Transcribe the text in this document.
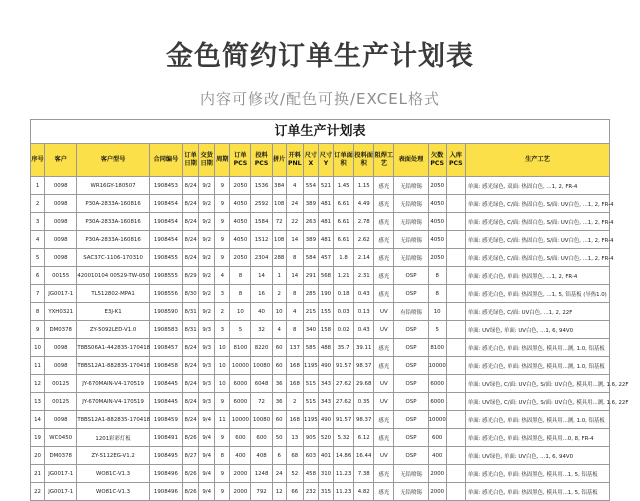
金色简约订单生产计划表
内容可修改/配色可换/EXCEL格式
订单生产计划表
序号	客户	客户型号	合同编号	订单日期	交货日期	周期	订单PCS	投料PCS	拼片	开料PNL	尺寸X	尺寸Y	订单面积	投料面积	阻焊工艺	表面处理	欠数PCS	入库PCS	生产工艺
1	0098	WR16GY-180507	1908453	8/24	9/2	9	2050	1536	384	4	554	521	1.45	1.15	感光	无铅喷锡	2050		单面: 感光绿色, 双面: 热固白色, ...1, 2, FR-4
2	0098	P30A-2833A-160816	1908454	8/24	9/2	9	4050	2592	108	24	389	481	6.61	4.49	感光	无铅喷锡	4050		单面: 感光绿色, C/面: 热固白色, S/面: UV白色, ...1, 2, FR-4
3	0098	P30A-2833A-160816	1908454	8/24	9/2	9	4050	1584	72	22	263	481	6.61	2.78	感光	无铅喷锡	4050		单面: 感光绿色, C/面: 热固白色, S/面: UV白色, ...1, 2, FR-4
4	0098	P30A-2833A-160816	1908454	8/24	9/2	9	4050	1512	108	14	389	481	6.61	2.62	感光	无铅喷锡	4050		单面: 感光绿色, C/面: 热固白色, S/面: UV白色, ...1, 2, FR-4
5	0098	SAC37C-1106-170310	1908455	8/24	9/2	9	2050	2304	288	8	584	457	1.8	2.14	感光	无铅喷锡	2050		单面: 感光绿色, C/面: 热固白色, S/面: UV白色, ...1, 2, FR-4
6	00155	420010104 00529-TW-050	1908555	8/29	9/2	4	8	14	1	14	291	568	1.21	2.31	感光	OSP	8		单面: 感光白色, 单面: 热固黑色, ...1, 2, FR-4
7	JG0017-1	TL512802-MPA1	1908556	8/30	9/2	3	8	16	2	8	285	190	0.18	0.43	感光	OSP	8		单面: 感光白色, 单面: 热固黑色, ...1, 5, 铝基板 (导热1.0)
8	YXH0321	E3J-K1	1908590	8/31	9/2	2	10	40	10	4	215	155	0.03	0.13	UV	有铅喷锡	10		单面: 感光绿色, C/面: UV白色, ...1, 2, 22F
9	DM0378	ZY-5092LED-V1.0	1908583	8/31	9/3	3	5	32	4	8	340	158	0.02	0.43	UV	OSP	5		单面: UV绿色, 单面: UV白色, ...1, 6, 94V0
10	0098	T8BS06A1-442835-170418	1908457	8/24	9/3	10	8100	8220	60	137	585	488	35.7	39.11	感光	OSP	8100		单面: 感光白色, 单面: 热固黑色, 模具用...测, 1.0, 铝基板
11	0098	T8BS12A1-882835-170418	1908458	8/24	9/3	10	10000	10080	60	168	1195	490	91.57	98.37	感光	OSP	10000		单面: 感光白色, 单面: 热固黑色, 模具用...测, 1.0, 铝基板
12	00125	JY-670MAIN-V4-170519	1908445	8/24	9/3	10	6000	6048	36	168	515	343	27.62	29.68	UV	OSP	6000		单面: UV绿色, C/面: UV白色, S/面: UV白色, 模具用...测, 1.6, 22F
13	00125	JY-670MAIN-V4-170519	1908445	8/24	9/3	9	6000	72	36	2	515	343	27.62	0.35	UV	OSP	6000		单面: UV绿色, C/面: UV白色, S/面: UV白色, 模具用...测, 1.6, 22F
14	0098	T8BS12A1-882835-170418	1908459	8/24	9/4	11	10000	10080	60	168	1195	490	91.57	98.37	感光	OSP	10000		单面: 感光白色, 单面: 热固黑色, 模具用...测, 1.0, 铝基板
19	WC0450	1201彩彩灯板	1908491	8/26	9/4	9	600	600	50	13	905	520	5.32	6.12	感光	OSP	600		单面: 感光白色, 单面: 热固黑色, 模具用...0, 8, FR-4
20	DM0378	ZY-5112EG-V1.2	1908495	8/27	9/4	8	400	408	6	68	603	401	14.86	16.44	UV	OSP	400		单面: UV绿色, 单面: UV白色, ...1, 6, 94V0
21	JG0017-1	WO81C-V1.3	1908496	8/26	9/4	9	2000	1248	24	52	458	310	11.23	7.38	感光	无铅喷锡	2000		单面: 感光白色, 单面: 热固黑色, 模具用...1, 5, 铝基板
22	JG0017-1	WO81C-V1.3	1908496	8/26	9/4	9	2000	792	12	66	232	315	11.23	4.82	感光	无铅喷锡	2000		单面: 感光白色, 单面: 热固黑色, 模具用...1, 5, 铝基板
